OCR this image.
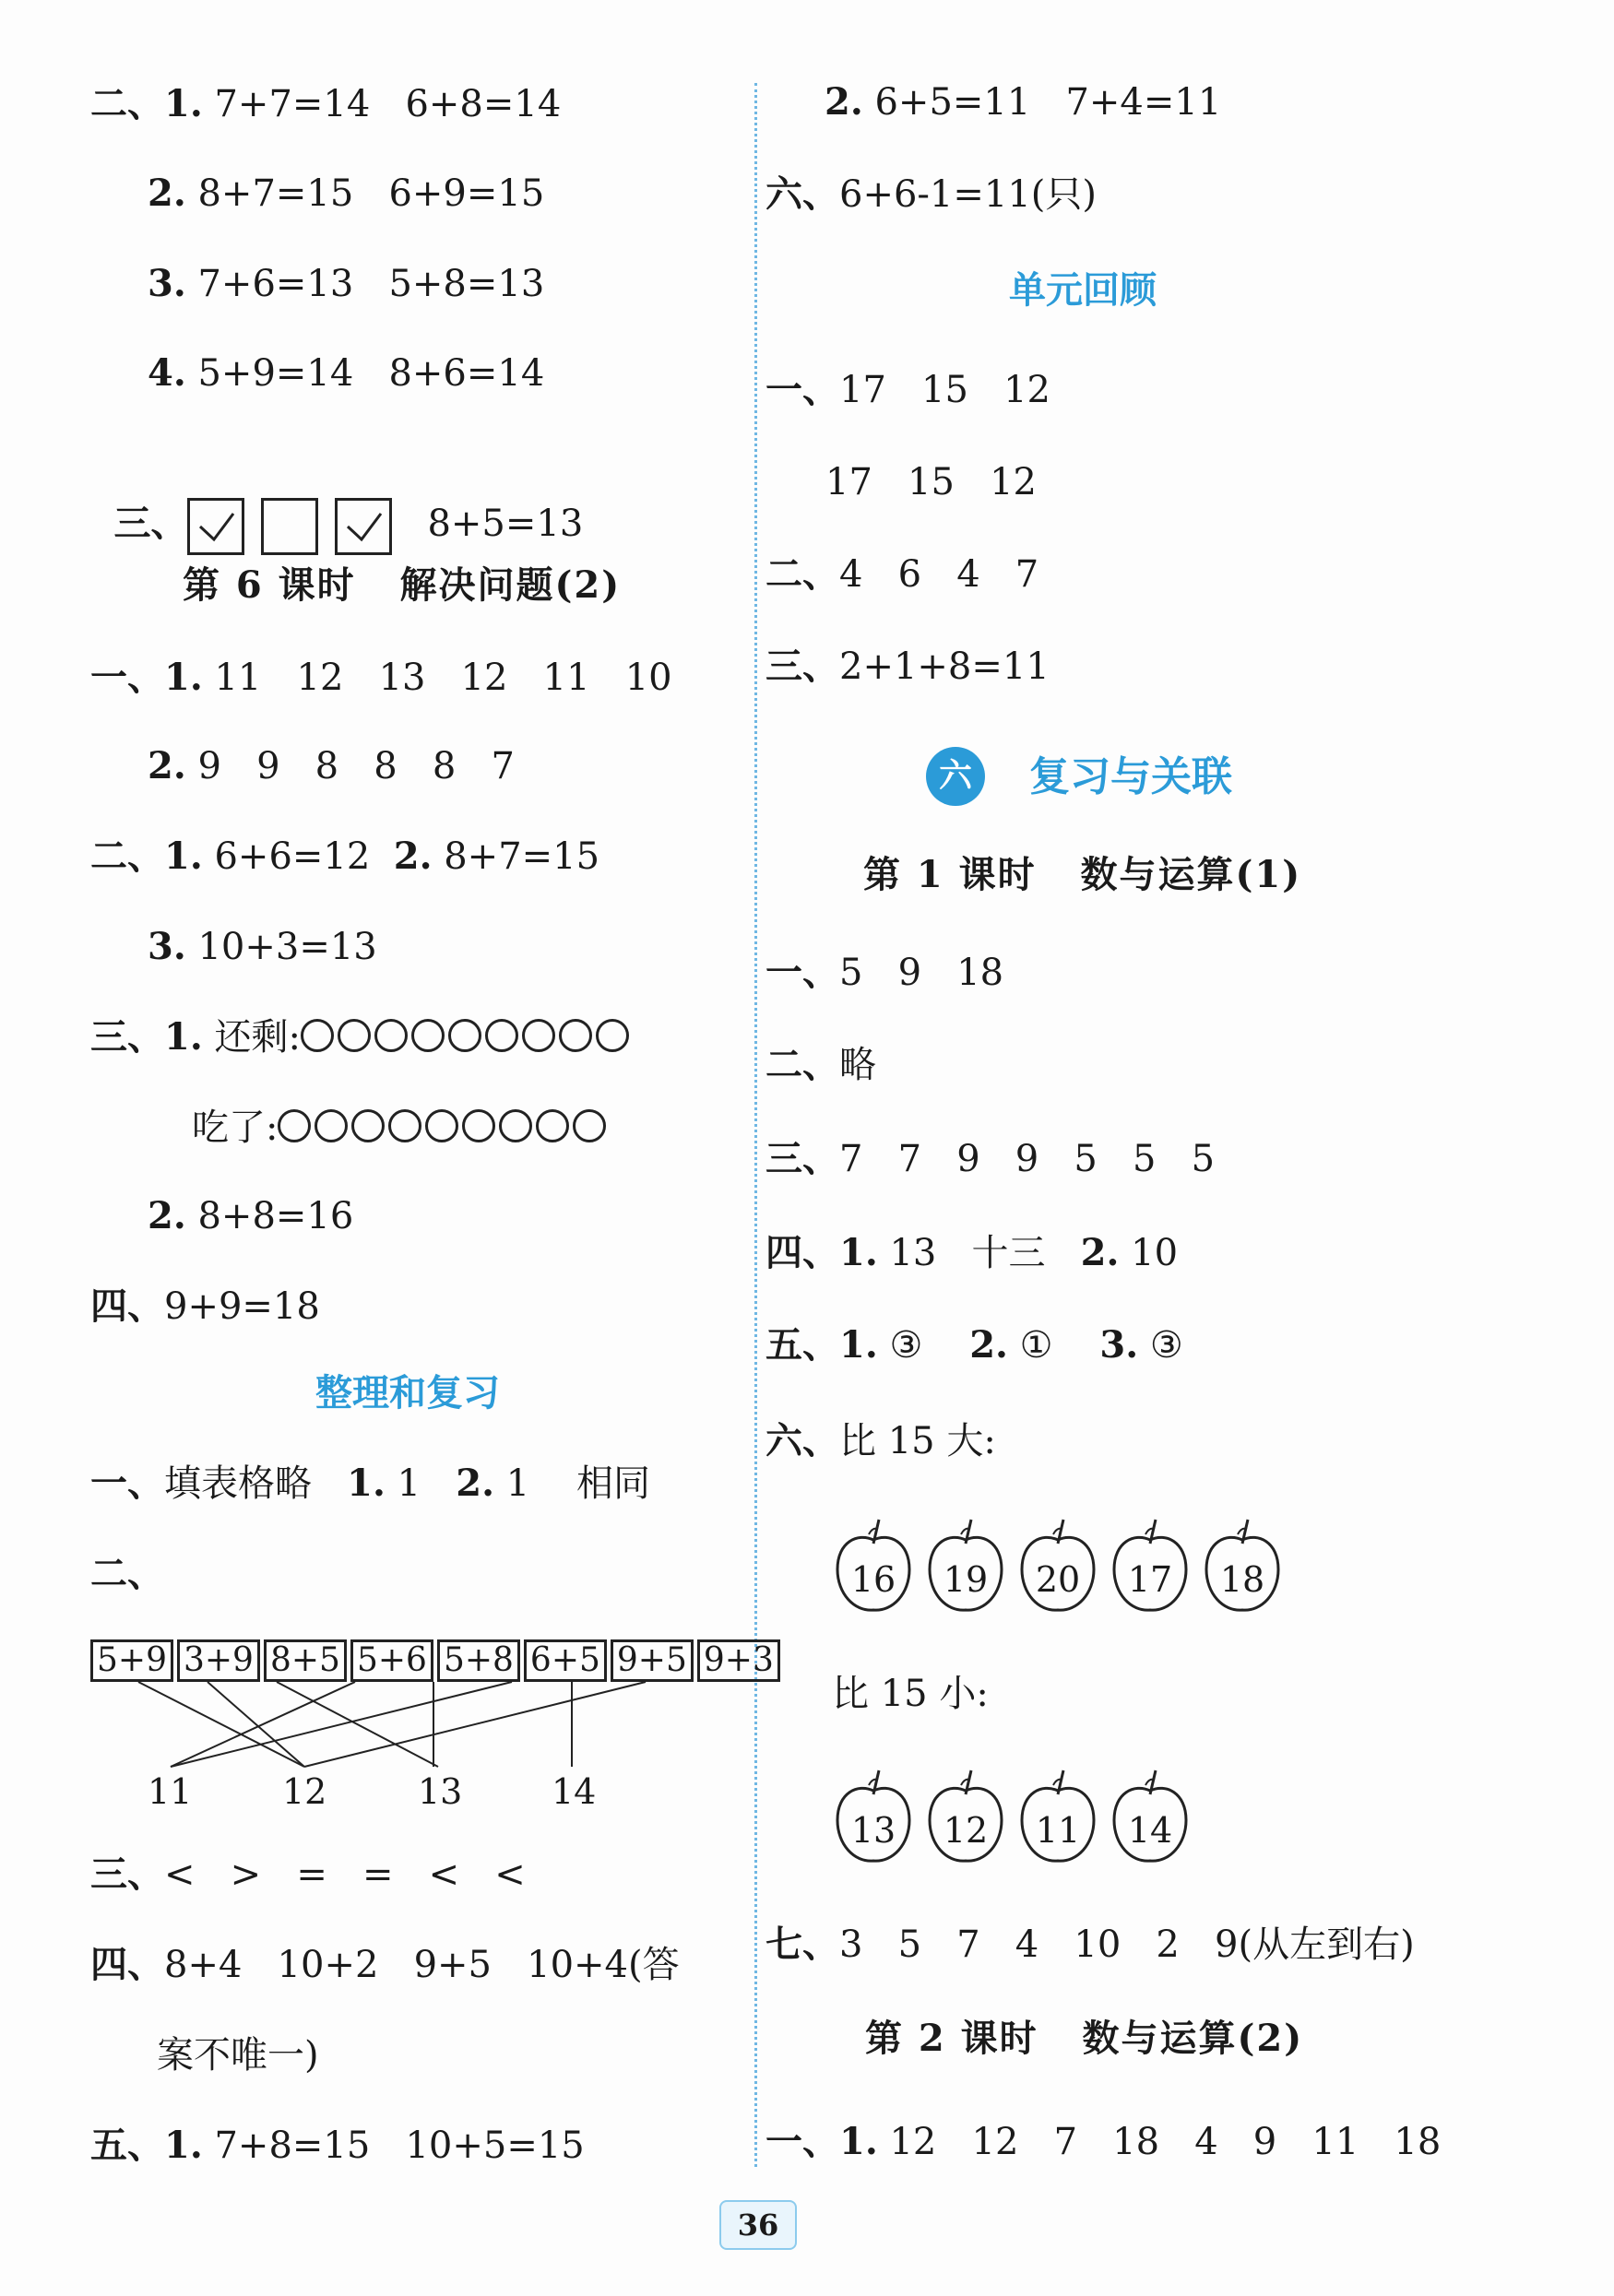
二、1. 7+7=14   6+8=14
2. 8+7=15   6+9=15
3. 7+6=13   5+8=13
4. 5+9=14   8+6=14

三、	8+5=13

第 6 课时   解决问题(2)
一、1. 11   12   13   12   11   10
2. 9   9   8   8   8   7
二、1. 6+6=12  2. 8+7=15
3. 10+3=13
三、1. 还剩:
吃了:
2. 8+8=16
四、9+9=18
整理和复习
一、填表格略   1. 1   2. 1    相同
二、
5+9 3+9 8+5 5+6 5+8 6+5 9+5 9+3
11	12	13	14
三、<   >   =   =   <   <
四、8+4   10+2   9+5   10+4(答
案不唯一)
五、1. 7+8=15   10+5=15
2. 6+5=11   7+4=11
六、6+6-1=11(只)
单元回顾
一、17   15   12
17   15   12
二、4   6   4   7
三、2+1+8=11
六	复习与关联
第 1 课时   数与运算(1)
一、5   9   18
二、略
三、7   7   9   9   5   5   5
四、1. 13   十三   2. 10
五、1. ③    2. ①    3. ③
六、比 15 大:
16	19	20	17	18
比 15 小:
13	12	11	14
七、3   5   7   4   10   2   9(从左到右)
第 2 课时   数与运算(2)
一、1. 12   12   7   18   4   9   11   18
36
